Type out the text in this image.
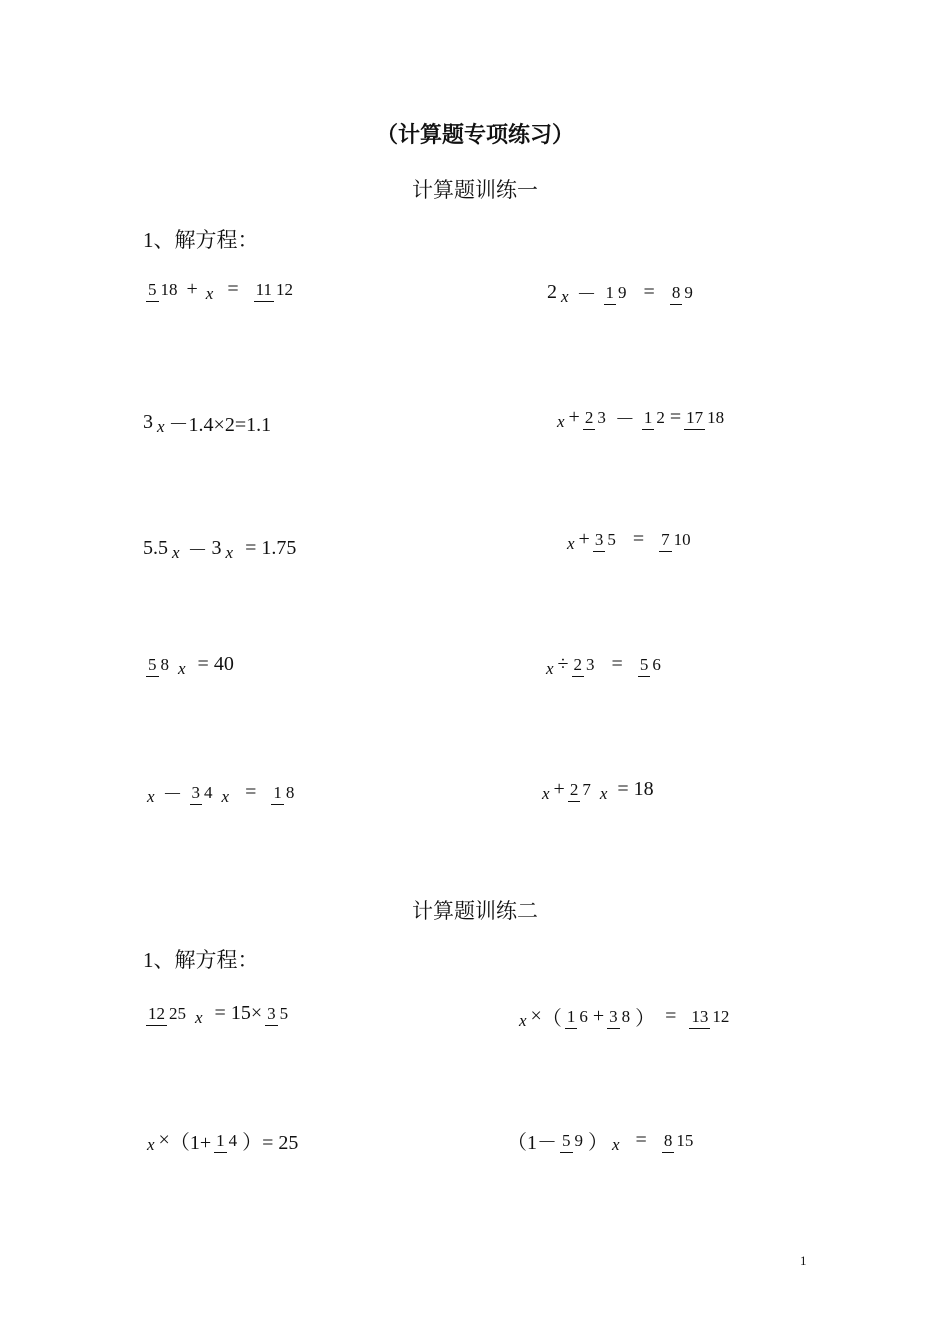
（计算题专项练习）
计算题训练一
1、解方程：
5 18 + x = 11 12	2 x － 1 9 = 8 9
3 x －1.4×2=1.1	x + 2 3 － 1 2 = 17 18
5.5 x － 3 x = 1.75	x + 3 5 = 7 10
5 8 x = 40	x ÷ 2 3 = 5 6
x － 3 4 x = 1 8	x + 2 7 x = 18
计算题训练二
1、解方程：
12 25 x = 15× 3 5	x × （ 1 6 + 3 8 ） = 13 12
x × （1+ 1 4 ）= 25	（1－ 5 9 ） x = 8 15
1
